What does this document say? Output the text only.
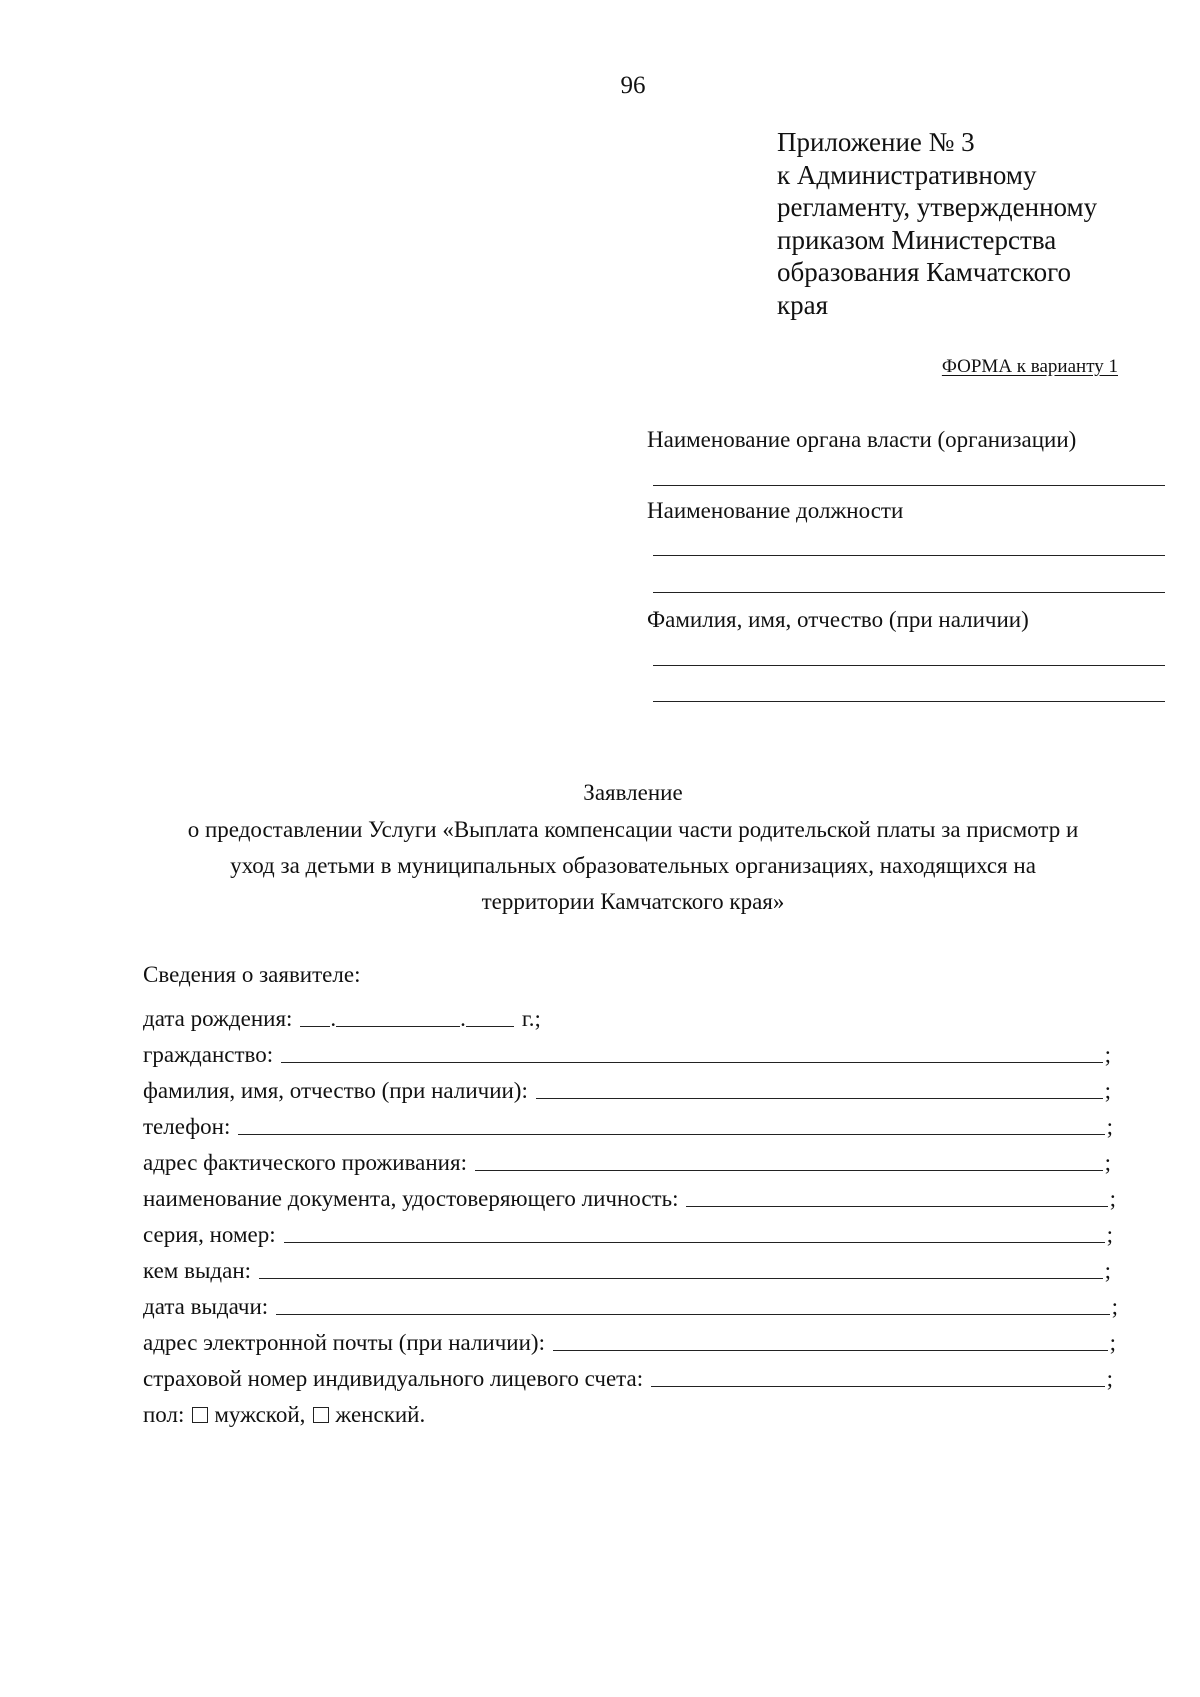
96
Приложение № 3
к Административному
регламенту, утвержденному
приказом Министерства
образования Камчатского
края
ФОРМА к варианту 1
Наименование органа власти (организации)
Наименование должности
Фамилия, имя, отчество (при наличии)
Заявление
о предоставлении Услуги «Выплата компенсации части родительской платы за присмотр и
уход за детьми в муниципальных образовательных организациях, находящихся на
территории Камчатского края»
Сведения о заявителе:
дата рождения: .	. г.;
гражданство:	;
фамилия, имя, отчество (при наличии):	;
телефон:	;
адрес фактического проживания:	;
наименование документа, удостоверяющего личность:	;
серия, номер:	;
кем выдан:	;
дата выдачи:	;
адрес электронной почты (при наличии):	;
страховой номер индивидуального лицевого счета:	;
пол: мужской, женский.
